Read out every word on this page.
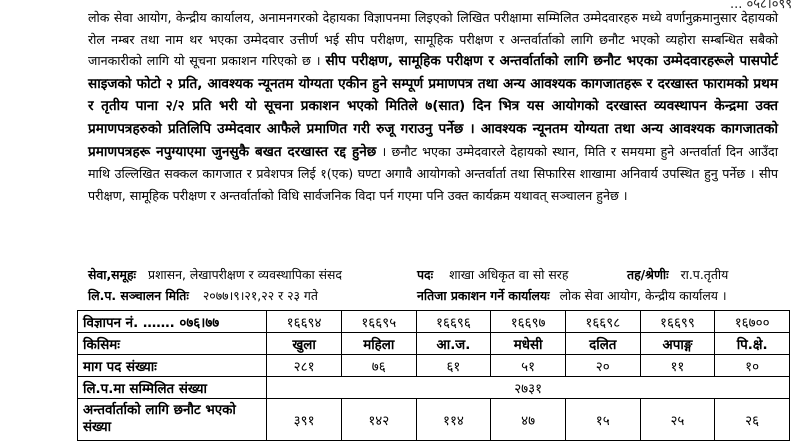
... ०५८।०९९
लोक सेवा आयोग, केन्द्रीय कार्यालय, अनामनगरको देहायका विज्ञापनमा लिइएको लिखित परीक्षामा सम्मिलित उम्मेदवारहरु मध्ये वर्णानुक्रमानुसार देहायको रोल नम्बर तथा नाम थर भएका उम्मेदवार उत्तीर्ण भई सीप परीक्षण, सामूहिक परीक्षण र अन्तर्वार्ताको लागि छनौट भएको व्यहोरा सम्बन्धित सबैको जानकारीको लागि यो सूचना प्रकाशन गरिएको छ । सीप परीक्षण, सामूहिक परीक्षण र अन्तर्वार्ताको लागि छनौट भएका उम्मेदवारहरूले पासपोर्ट साइजको फोटो २ प्रति, आवश्यक न्यूनतम योग्यता एकीन हुने सम्पूर्ण प्रमाणपत्र तथा अन्य आवश्यक कागजातहरू र दरखास्त फारामको प्रथम र तृतीय पाना २/२ प्रति भरी यो सूचना प्रकाशन भएको मितिले ७(सात) दिन भित्र यस आयोगको दरखास्त व्यवस्थापन केन्द्रमा उक्त प्रमाणपत्रहरुको प्रतिलिपि उम्मेदवार आफैले प्रमाणित गरी रुजू गराउनु पर्नेछ । आवश्यक न्यूनतम योग्यता तथा अन्य आवश्यक कागजातको प्रमाणपत्रहरू नपुग्याएमा जुनसुकै बखत दरखास्त रद्द हुनेछ । छनौट भएका उम्मेदवारले देहायको स्थान, मिति र समयमा हुने अन्तर्वार्ता दिन आउँदा माथि उल्लिखित सक्कल कागजात र प्रवेशपत्र लिई १(एक) घण्टा अगावै आयोगको अन्तर्वार्ता तथा सिफारिस शाखामा अनिवार्य उपस्थित हुनु पर्नेछ । सीप परीक्षण, सामूहिक परीक्षण र अन्तर्वार्ताको विधि सार्वजनिक विदा पर्न गएमा पनि उक्त कार्यक्रम यथावत् सञ्चालन हुनेछ ।
सेवा,समूहः प्रशासन, लेखापरीक्षण र व्यवस्थापिका संसद	पदः शाखा अधिकृत वा सो सरह	तह/श्रेणीः रा.प.तृतीय
लि.प. सञ्चालन मितिः २०७७।९।२१,२२ र २३ गते	नतिजा प्रकाशन गर्ने कार्यालयः लोक सेवा आयोग, केन्द्रीय कार्यालय ।
विज्ञापन नं. ……. ०७६।७७	१६६९४	१६६९५	१६६९६	१६६९७	१६६९८	१६६९९	१६७००
किसिमः	खुला	महिला	आ.ज.	मधेसी	दलित	अपाङ्ग	पि.क्षे.
माग पद संख्याः	२८१	७६	६१	५१	२०	११	१०
लि.प.मा सम्मिलित संख्या	२७३१						
अन्तर्वार्ताको लागि छनौट भएको संख्या	३९१	१४२	११४	४७	१५	२५	२६
